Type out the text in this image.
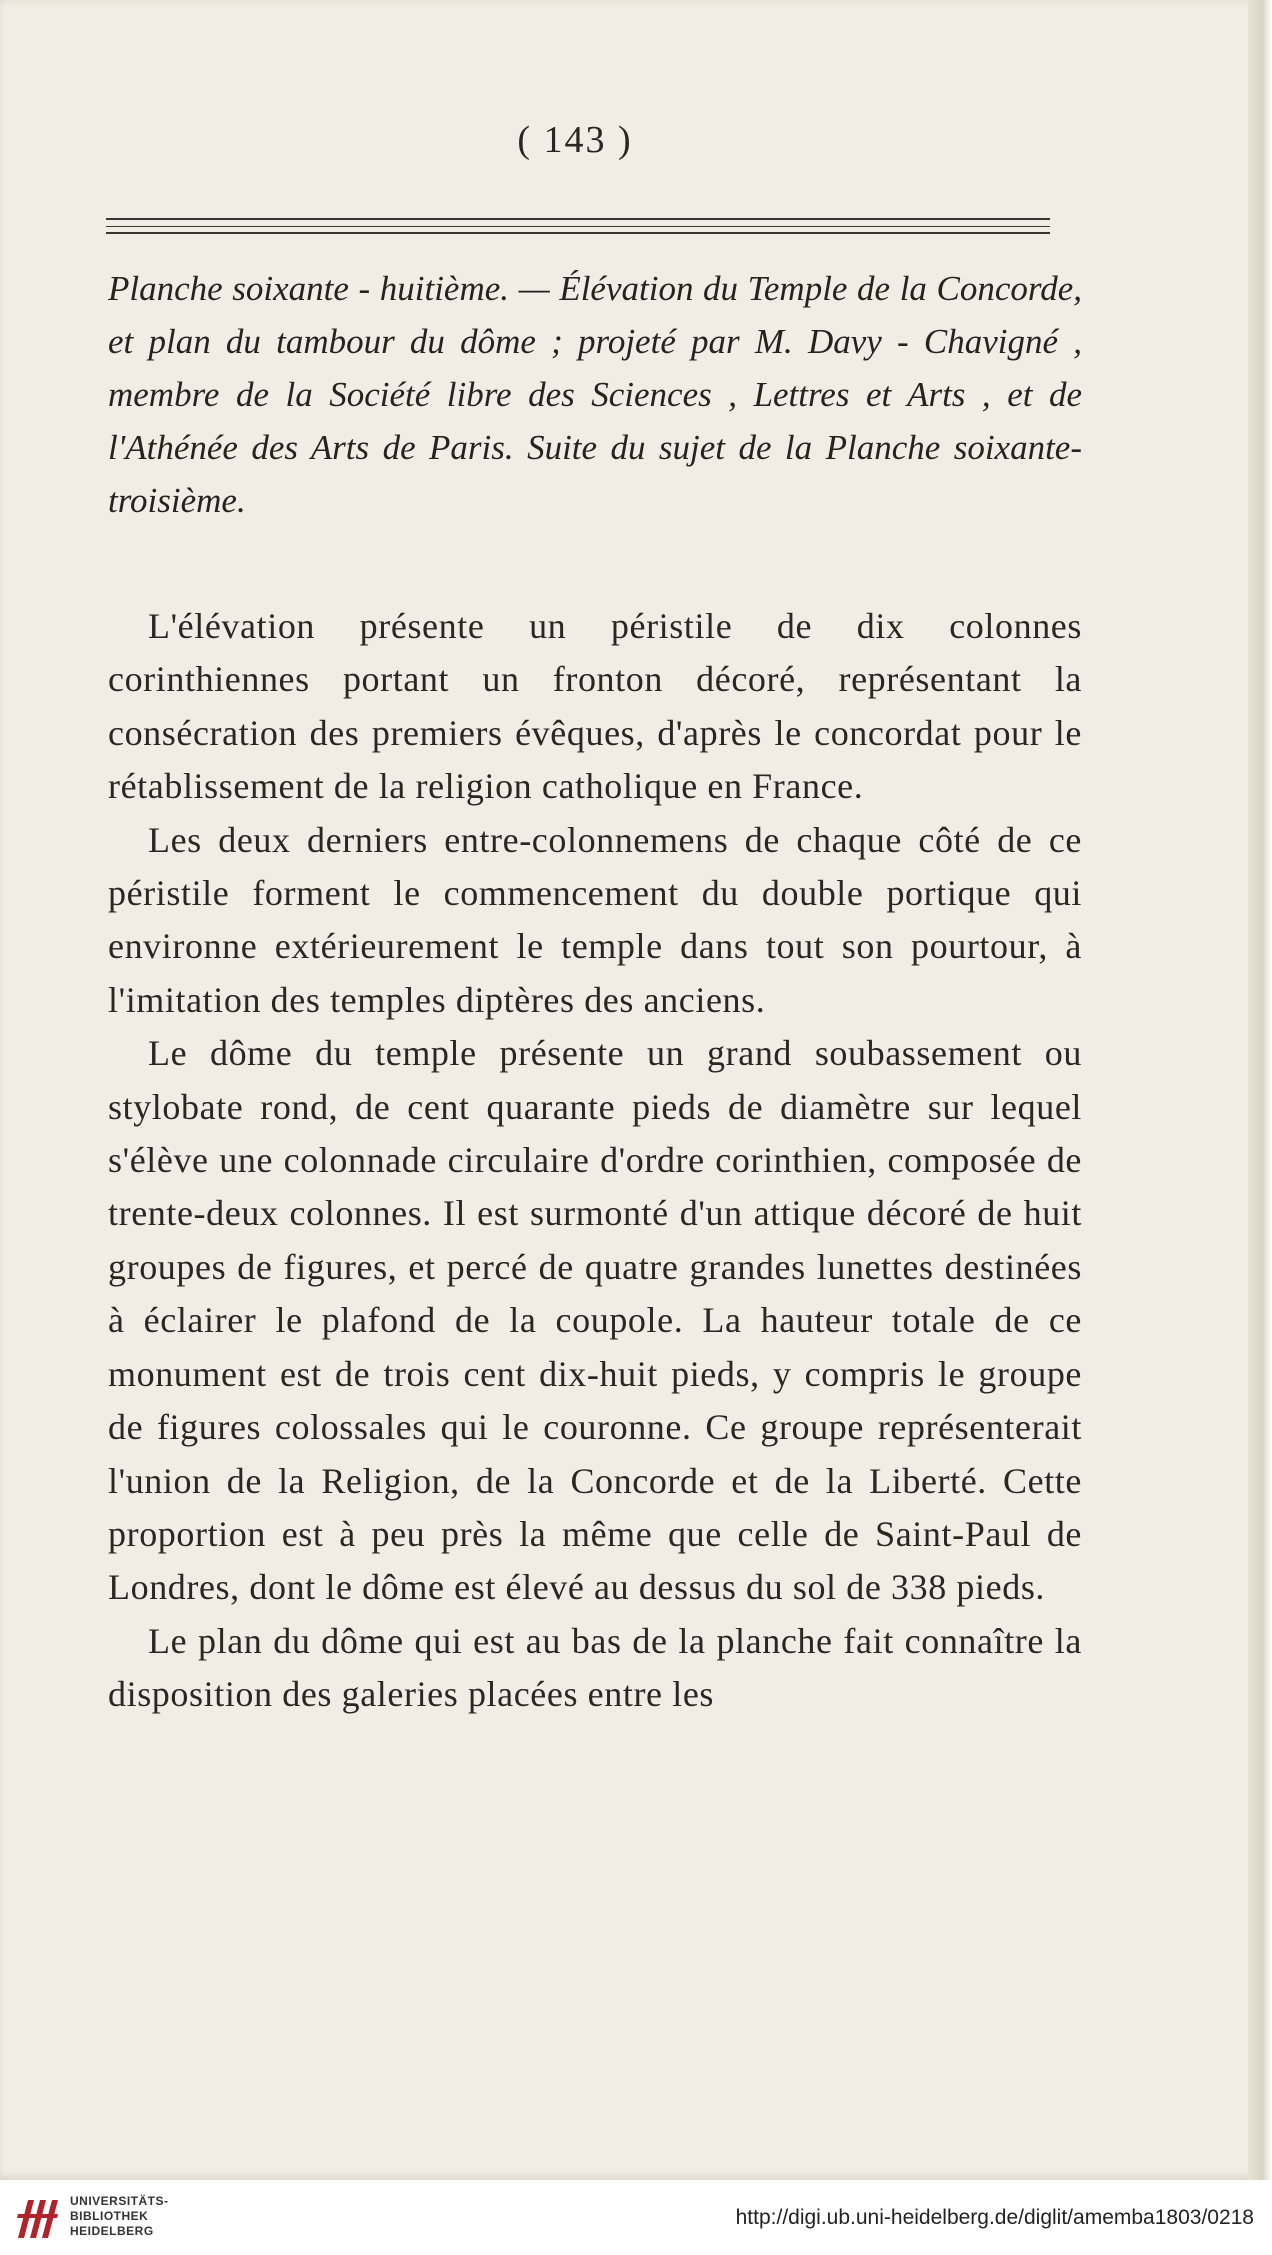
( 143 )
Planche soixante - huitième. — Élévation du Temple de la Concorde, et plan du tambour du dôme ; projeté par M. Davy - Chavigné , membre de la Société libre des Sciences , Lettres et Arts , et de l'Athénée des Arts de Paris. Suite du sujet de la Planche soixante-troisième.

L'élévation présente un péristile de dix colonnes corinthiennes portant un fronton décoré, représentant la consécration des premiers évêques, d'après le concordat pour le rétablissement de la religion catholique en France.

Les deux derniers entre-colonnemens de chaque côté de ce péristile forment le commencement du double portique qui environne extérieurement le temple dans tout son pourtour, à l'imitation des temples diptères des anciens.

Le dôme du temple présente un grand soubassement ou stylobate rond, de cent quarante pieds de diamètre sur lequel s'élève une colonnade circulaire d'ordre corinthien, composée de trente-deux colonnes. Il est surmonté d'un attique décoré de huit groupes de figures, et percé de quatre grandes lunettes destinées à éclairer le plafond de la coupole. La hauteur totale de ce monument est de trois cent dix-huit pieds, y compris le groupe de figures colossales qui le couronne. Ce groupe représenterait l'union de la Religion, de la Concorde et de la Liberté. Cette proportion est à peu près la même que celle de Saint-Paul de Londres, dont le dôme est élevé au dessus du sol de 338 pieds.

Le plan du dôme qui est au bas de la planche fait connaître la disposition des galeries placées entre les

UNIVERSITÄTS-
BIBLIOTHEK
HEIDELBERG
http://digi.ub.uni-heidelberg.de/diglit/amemba1803/0218
